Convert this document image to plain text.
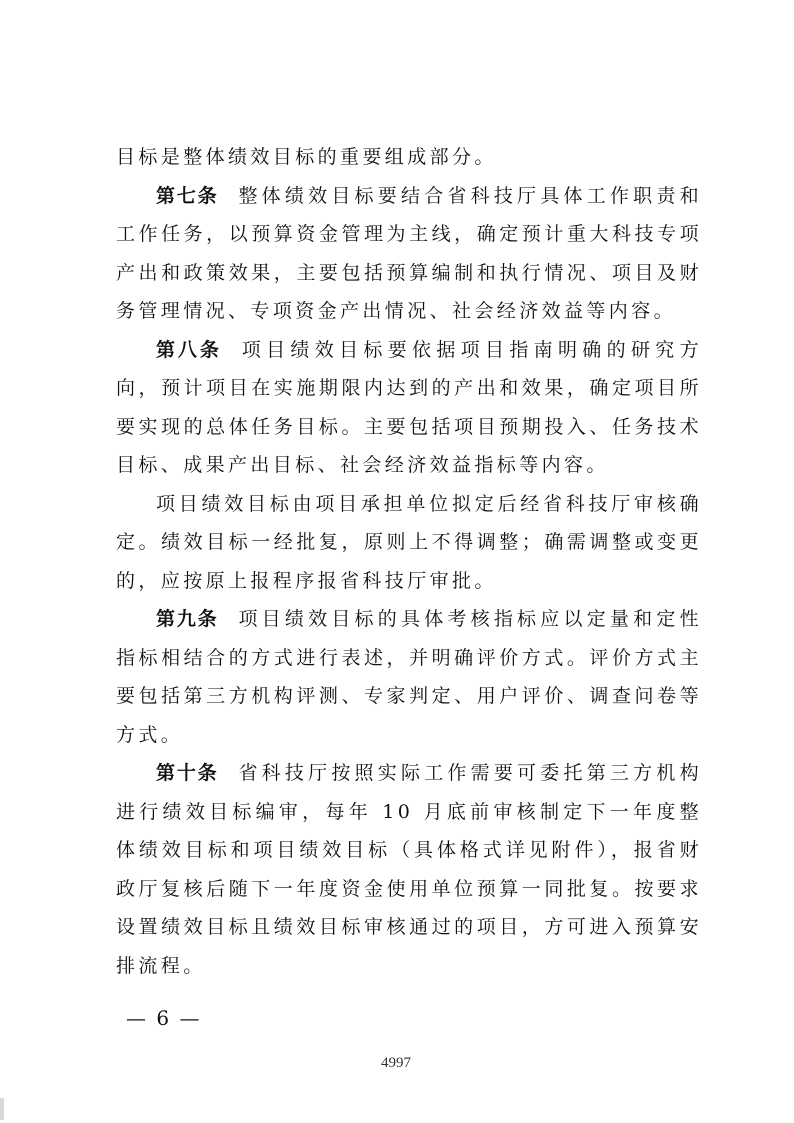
目标是整体绩效目标的重要组成部分。

第七条 整体绩效目标要结合省科技厅具体工作职责和工作任务，以预算资金管理为主线，确定预计重大科技专项产出和政策效果，主要包括预算编制和执行情况、项目及财务管理情况、专项资金产出情况、社会经济效益等内容。

第八条 项目绩效目标要依据项目指南明确的研究方向，预计项目在实施期限内达到的产出和效果，确定项目所要实现的总体任务目标。主要包括项目预期投入、任务技术目标、成果产出目标、社会经济效益指标等内容。

项目绩效目标由项目承担单位拟定后经省科技厅审核确定。绩效目标一经批复，原则上不得调整；确需调整或变更的，应按原上报程序报省科技厅审批。

第九条 项目绩效目标的具体考核指标应以定量和定性指标相结合的方式进行表述，并明确评价方式。评价方式主要包括第三方机构评测、专家判定、用户评价、调查问卷等方式。

第十条 省科技厅按照实际工作需要可委托第三方机构进行绩效目标编审，每年 10 月底前审核制定下一年度整体绩效目标和项目绩效目标（具体格式详见附件），报省财政厅复核后随下一年度资金使用单位预算一同批复。按要求设置绩效目标且绩效目标审核通过的项目，方可进入预算安排流程。

— 6 —
4997
